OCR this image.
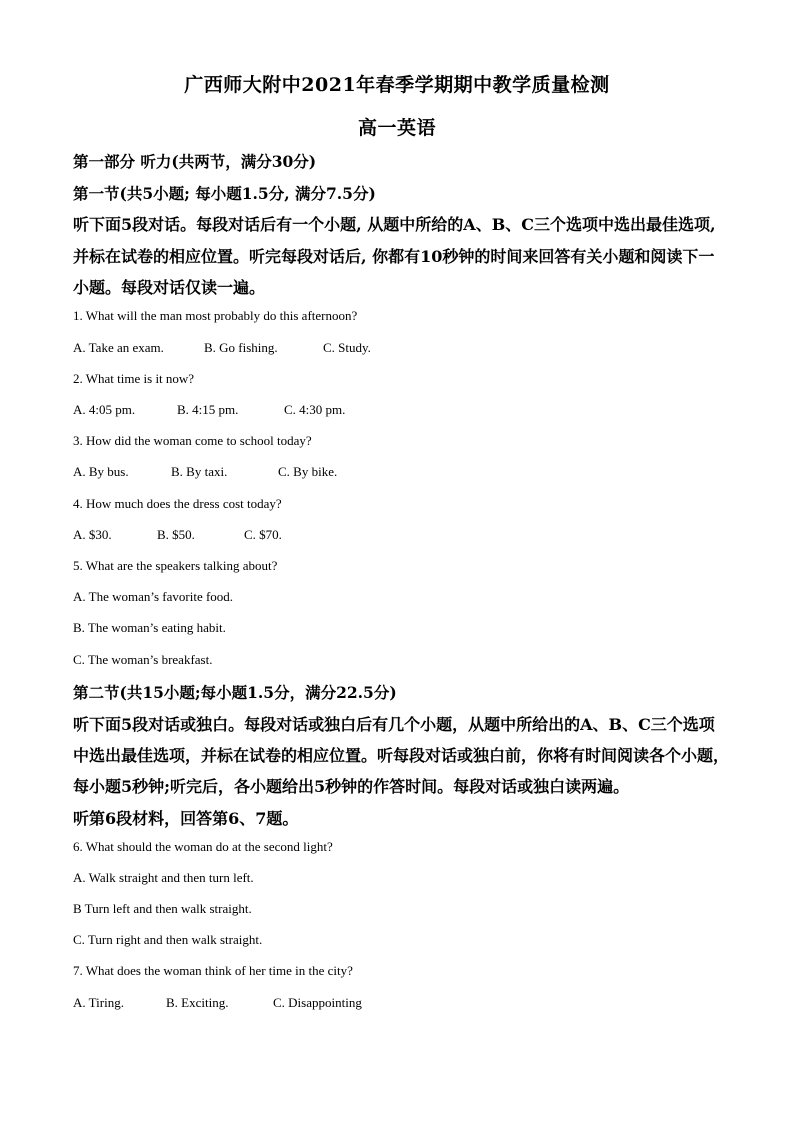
广西师大附中2021年春季学期期中教学质量检测
高一英语
第一部分 听力(共两节，满分30分)
第一节(共5小题; 每小题1.5分, 满分7.5分)
听下面5段对话。每段对话后有一个小题, 从题中所给的A、B、C三个选项中选出最佳选项,
并标在试卷的相应位置。听完每段对话后, 你都有10秒钟的时间来回答有关小题和阅读下一
小题。每段对话仅读一遍。
1. What will the man most probably do this afternoon?
A. Take an exam.	B. Go fishing.	C. Study.
2. What time is it now?
A. 4:05 pm.	B. 4:15 pm.	C. 4:30 pm.
3. How did the woman come to school today?
A. By bus.	B. By taxi.	C. By bike.
4. How much does the dress cost today?
A. $30.	B. $50.	C. $70.
5. What are the speakers talking about?
A. The woman’s favorite food.
B. The woman’s eating habit.
C. The woman’s breakfast.
第二节(共15小题;每小题1.5分，满分22.5分)
听下面5段对话或独白。每段对话或独白后有几个小题，从题中所给出的A、B、C三个选项
中选出最佳选项，并标在试卷的相应位置。听每段对话或独白前，你将有时间阅读各个小题，
每小题5秒钟;听完后，各小题给出5秒钟的作答时间。每段对话或独白读两遍。
听第6段材料，回答第6、7题。
6. What should the woman do at the second light?
A. Walk straight and then turn left.
B Turn left and then walk straight.
C. Turn right and then walk straight.
7. What does the woman think of her time in the city?
A. Tiring.	B. Exciting.	C. Disappointing
